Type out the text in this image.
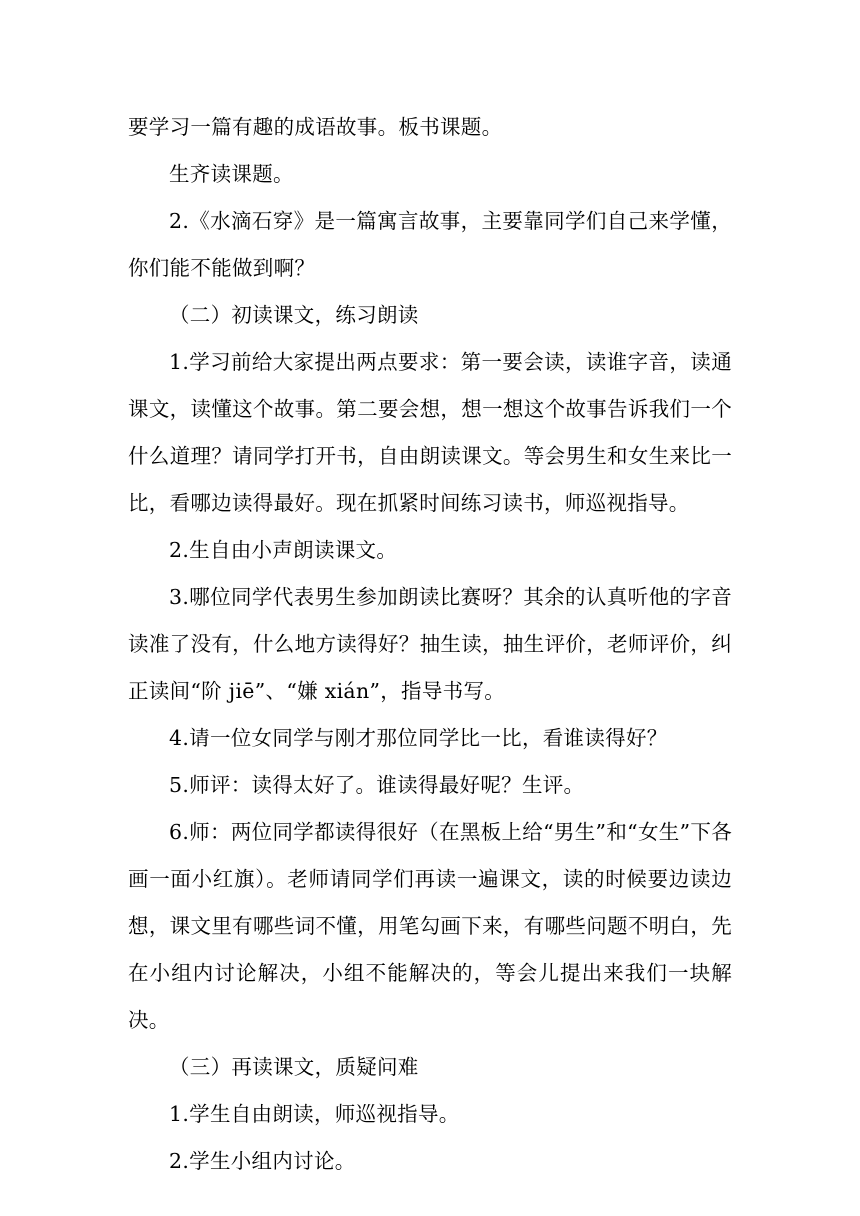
要学习一篇有趣的成语故事。板书课题。

生齐读课题。

2.《水滴石穿》是一篇寓言故事，主要靠同学们自己来学懂，你们能不能做到啊？

（二）初读课文，练习朗读

1.学习前给大家提出两点要求：第一要会读，读谁字音，读通课文，读懂这个故事。第二要会想，想一想这个故事告诉我们一个什么道理？请同学打开书，自由朗读课文。等会男生和女生来比一比，看哪边读得最好。现在抓紧时间练习读书，师巡视指导。

2.生自由小声朗读课文。

3.哪位同学代表男生参加朗读比赛呀？其余的认真听他的字音读准了没有，什么地方读得好？抽生读，抽生评价，老师评价，纠正读间“阶 jiē”、“嫌 xián”，指导书写。

4.请一位女同学与刚才那位同学比一比，看谁读得好？

5.师评：读得太好了。谁读得最好呢？生评。

6.师：两位同学都读得很好（在黑板上给“男生”和“女生”下各画一面小红旗）。老师请同学们再读一遍课文，读的时候要边读边想，课文里有哪些词不懂，用笔勾画下来，有哪些问题不明白，先在小组内讨论解决，小组不能解决的，等会儿提出来我们一块解决。

（三）再读课文，质疑问难

1.学生自由朗读，师巡视指导。

2.学生小组内讨论。
